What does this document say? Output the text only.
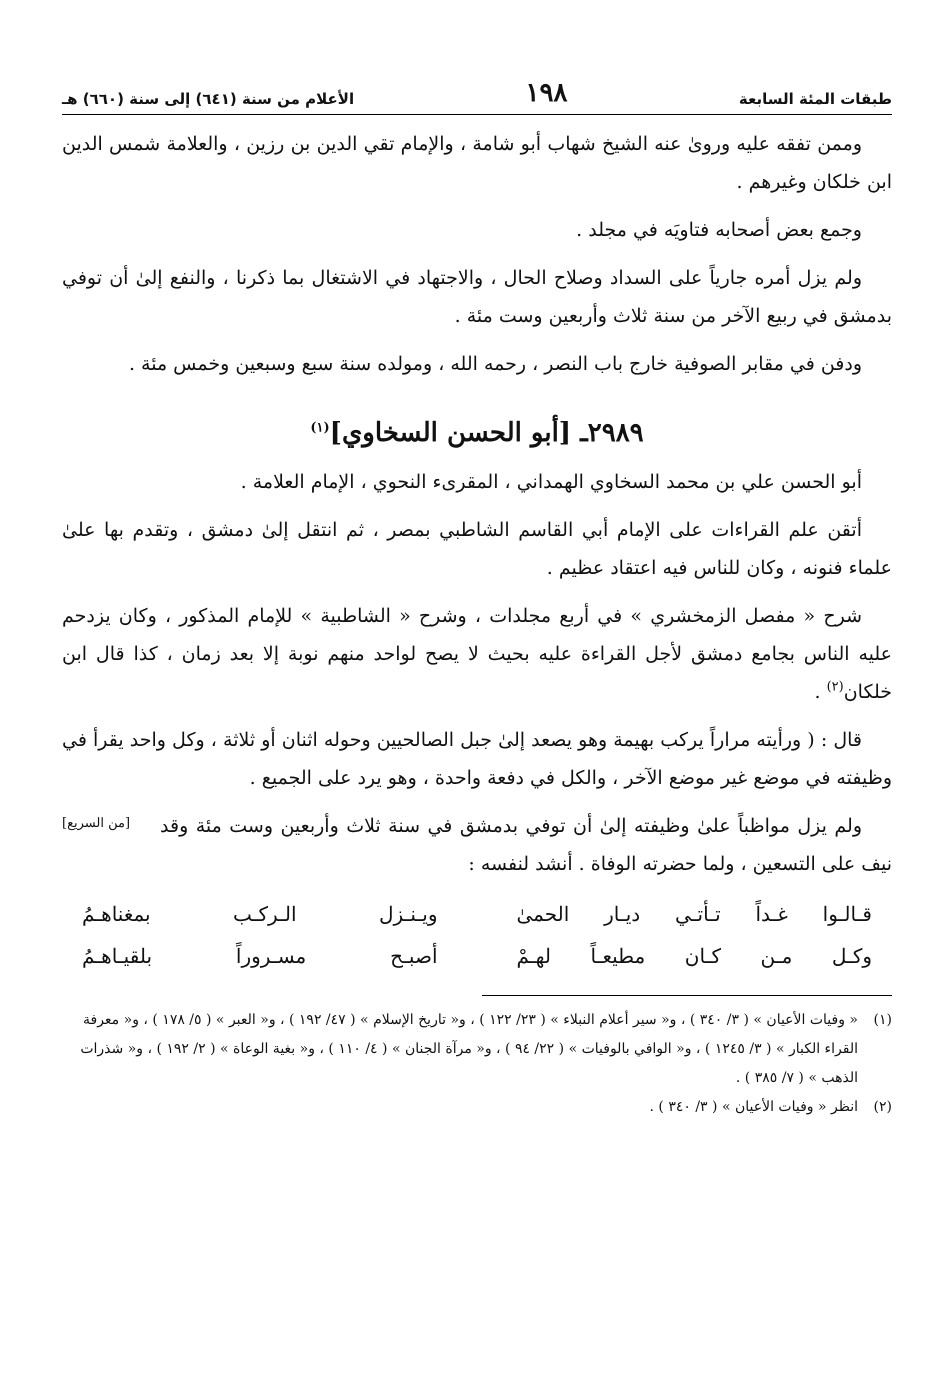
طبقات المئة السابعة
١٩٨
الأعلام من سنة (٦٤١) إلى سنة (٦٦٠) هـ

وممن تفقه عليه وروىٰ عنه الشيخ شهاب أبو شامة ، والإمام تقي الدين بن رزين ، والعلامة شمس الدين ابن خلكان وغيرهم .

وجمع بعض أصحابه فتاويَه في مجلد .

ولم يزل أمره جارياً على السداد وصلاح الحال ، والاجتهاد في الاشتغال بما ذكرنا ، والنفع إلىٰ أن توفي بدمشق في ربيع الآخر من سنة ثلاث وأربعين وست مئة .

ودفن في مقابر الصوفية خارج باب النصر ، رحمه الله ، ومولده سنة سبع وسبعين وخمس مئة .

٢٩٨٩ـ [أبو الحسن السخاوي]$^{(١)}$

أبو الحسن علي بن محمد السخاوي الهمداني ، المقرىء النحوي ، الإمام العلامة .

أتقن علم القراءات على الإمام أبي القاسم الشاطبي بمصر ، ثم انتقل إلىٰ دمشق ، وتقدم بها علىٰ علماء فنونه ، وكان للناس فيه اعتقاد عظيم .

شرح « مفصل الزمخشري » في أربع مجلدات ، وشرح « الشاطبية » للإمام المذكور ، وكان يزدحم عليه الناس بجامع دمشق لأجل القراءة عليه بحيث لا يصح لواحد منهم نوبة إلا بعد زمان ، كذا قال ابن خلكان$^{(٢)}$ .

قال : ( ورأيته مراراً يركب بهيمة وهو يصعد إلىٰ جبل الصالحيين وحوله اثنان أو ثلاثة ، وكل واحد يقرأ في وظيفته في موضع غير موضع الآخر ، والكل في دفعة واحدة ، وهو يرد على الجميع .

[من السريع]	ولم يزل مواظباً علىٰ وظيفته إلىٰ أن توفي بدمشق في سنة ثلاث وأربعين وست مئة وقد نيف على التسعين ، ولما حضرته الوفاة . أنشد لنفسه :

قـالـوا غـداً تـأتـي ديـار الحمىٰ
ويـنـزل الـركـب بمغناهـمُ
وكـل مـن كـان مطيعـاً لهـمْ
أصبـح مسـروراً بلقيـاهـمُ
(١)
« وفيات الأعيان » ( ٣/ ٣٤٠ ) ، و« سير أعلام النبلاء » ( ٢٣/ ١٢٢ ) ، و« تاريخ الإسلام » ( ٤٧/ ١٩٢ ) ، و« العبر » ( ٥/ ١٧٨ ) ، و« معرفة القراء الكبار » ( ٣/ ١٢٤٥ ) ، و« الوافي بالوفيات » ( ٢٢/ ٩٤ ) ، و« مرآة الجنان » ( ٤/ ١١٠ ) ، و« بغية الوعاة » ( ٢/ ١٩٢ ) ، و« شذرات الذهب » ( ٧/ ٣٨٥ ) .
(٢)
انظر « وفيات الأعيان » ( ٣/ ٣٤٠ ) .
